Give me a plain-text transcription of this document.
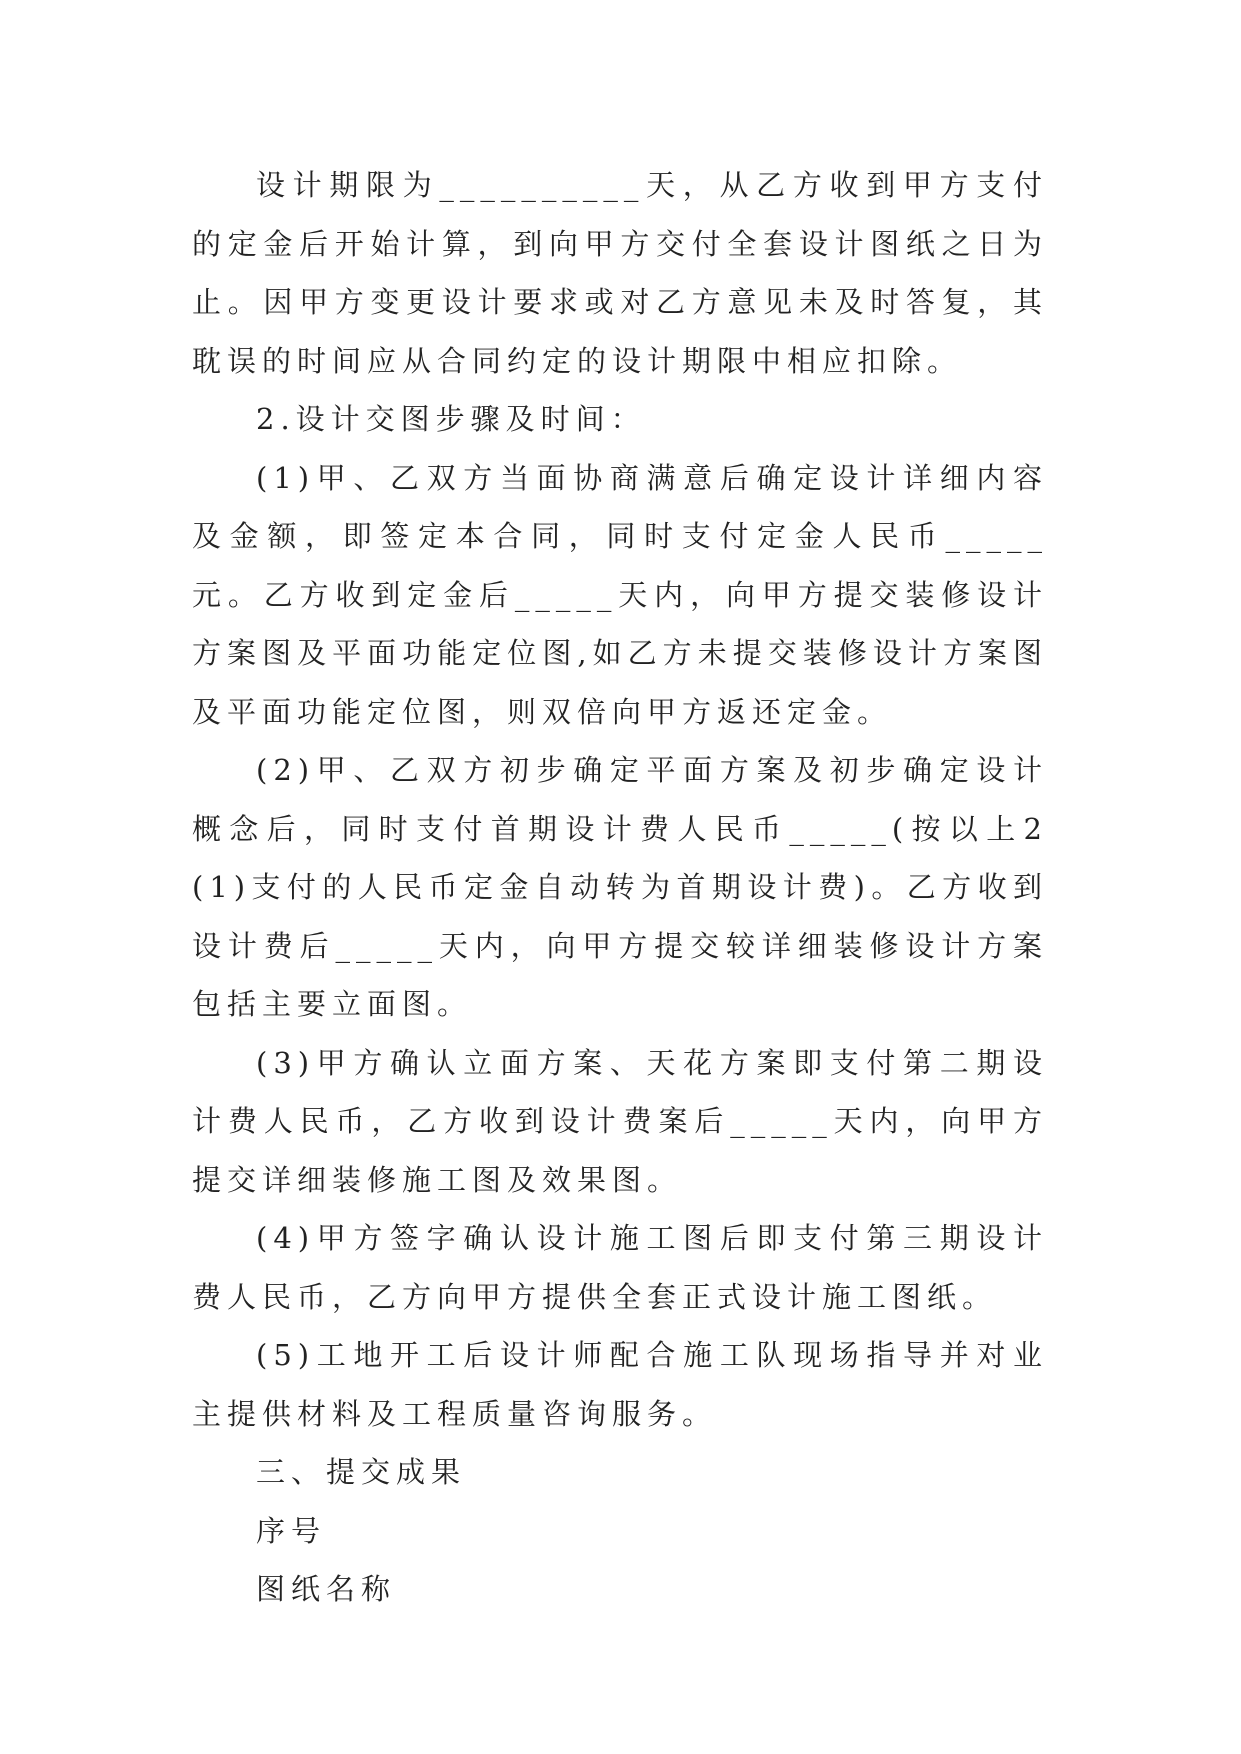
设计期限为__________天，从乙方收到甲方支付的定金后开始计算，到向甲方交付全套设计图纸之日为止。因甲方变更设计要求或对乙方意见未及时答复，其耽误的时间应从合同约定的设计期限中相应扣除。

2.设计交图步骤及时间：

(1)甲、乙双方当面协商满意后确定设计详细内容及金额，即签定本合同，同时支付定金人民币_____元。乙方收到定金后_____天内，向甲方提交装修设计方案图及平面功能定位图,如乙方未提交装修设计方案图及平面功能定位图，则双倍向甲方返还定金。

(2)甲、乙双方初步确定平面方案及初步确定设计概念后，同时支付首期设计费人民币_____(按以上2(1)支付的人民币定金自动转为首期设计费)。乙方收到设计费后_____天内，向甲方提交较详细装修设计方案包括主要立面图。

(3)甲方确认立面方案、天花方案即支付第二期设计费人民币，乙方收到设计费案后_____天内，向甲方提交详细装修施工图及效果图。

(4)甲方签字确认设计施工图后即支付第三期设计费人民币，乙方向甲方提供全套正式设计施工图纸。

(5)工地开工后设计师配合施工队现场指导并对业主提供材料及工程质量咨询服务。

三、提交成果

序号

图纸名称
